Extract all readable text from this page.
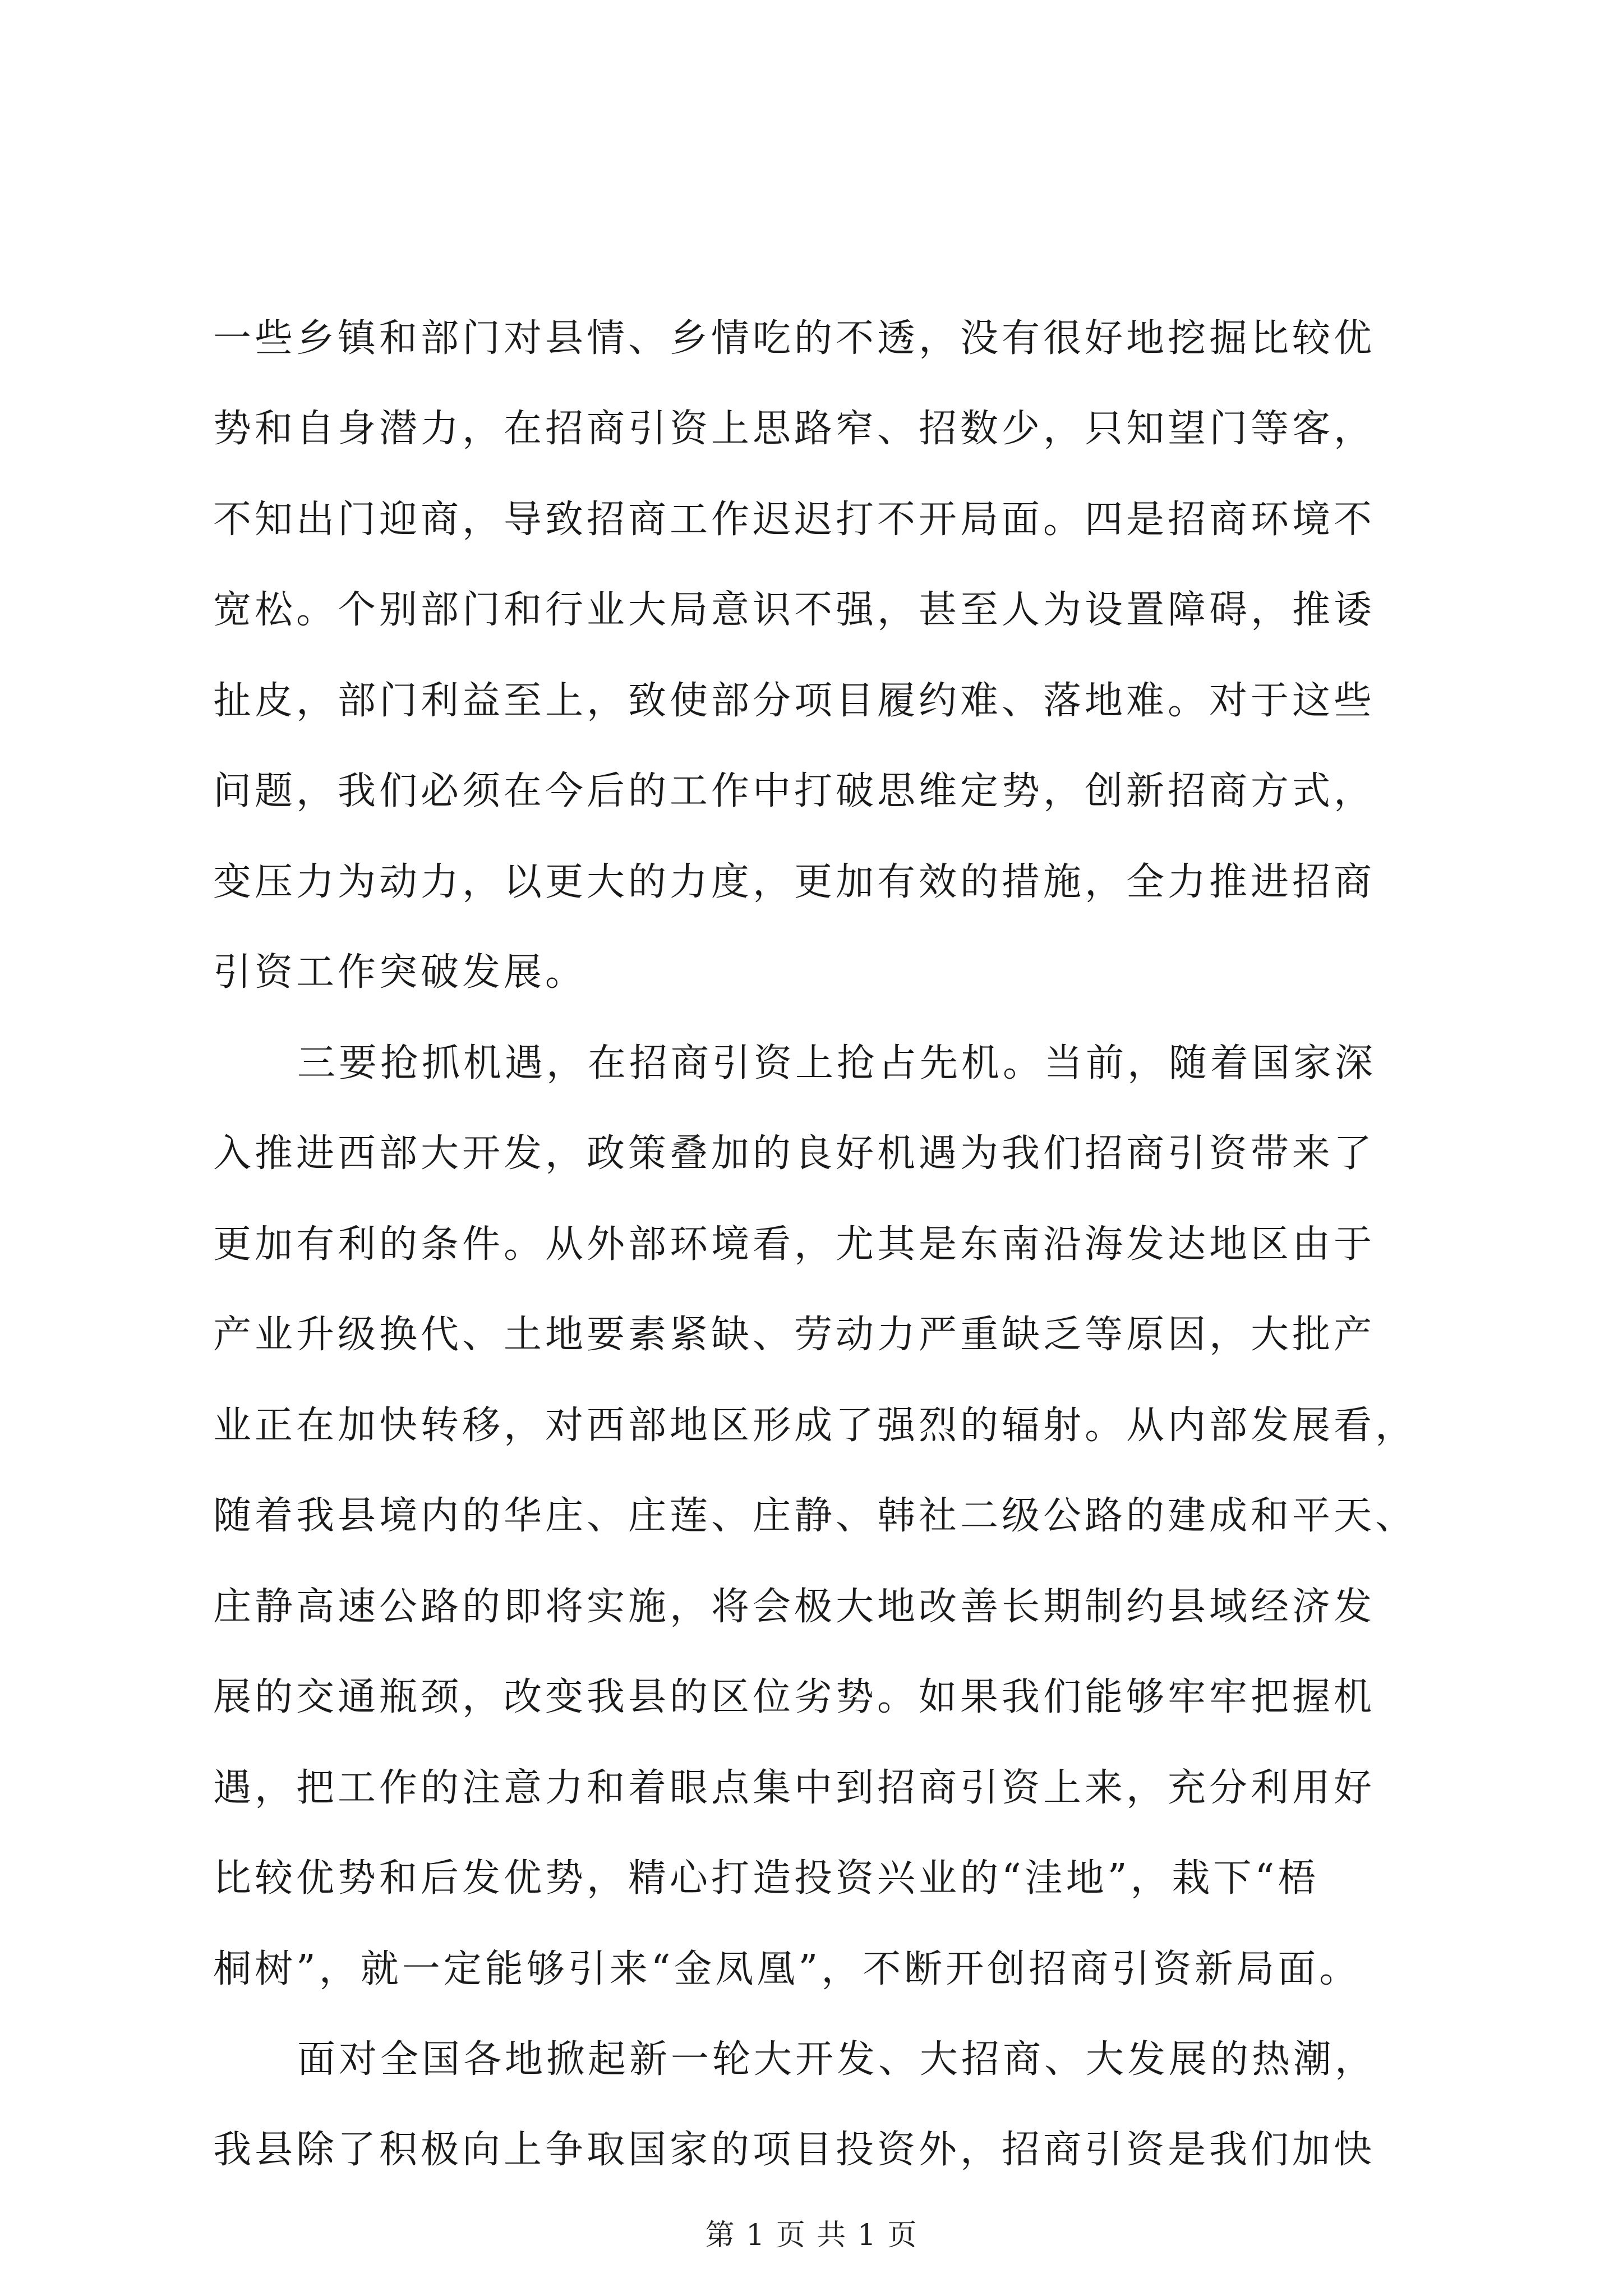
一些乡镇和部门对县情、乡情吃的不透，没有很好地挖掘比较优
势和自身潜力，在招商引资上思路窄、招数少，只知望门等客，
不知出门迎商，导致招商工作迟迟打不开局面。四是招商环境不
宽松。个别部门和行业大局意识不强，甚至人为设置障碍，推诿
扯皮，部门利益至上，致使部分项目履约难、落地难。对于这些
问题，我们必须在今后的工作中打破思维定势，创新招商方式，
变压力为动力，以更大的力度，更加有效的措施，全力推进招商
引资工作突破发展。
三要抢抓机遇，在招商引资上抢占先机。当前，随着国家深
入推进西部大开发，政策叠加的良好机遇为我们招商引资带来了
更加有利的条件。从外部环境看，尤其是东南沿海发达地区由于
产业升级换代、土地要素紧缺、劳动力严重缺乏等原因，大批产
业正在加快转移，对西部地区形成了强烈的辐射。从内部发展看，
随着我县境内的华庄、庄莲、庄静、韩社二级公路的建成和平天、
庄静高速公路的即将实施，将会极大地改善长期制约县域经济发
展的交通瓶颈，改变我县的区位劣势。如果我们能够牢牢把握机
遇，把工作的注意力和着眼点集中到招商引资上来，充分利用好
比较优势和后发优势，精心打造投资兴业的“洼地”，栽下“梧
桐树”，就一定能够引来“金凤凰”，不断开创招商引资新局面。
面对全国各地掀起新一轮大开发、大招商、大发展的热潮，
我县除了积极向上争取国家的项目投资外，招商引资是我们加快
第 1 页 共 1 页
